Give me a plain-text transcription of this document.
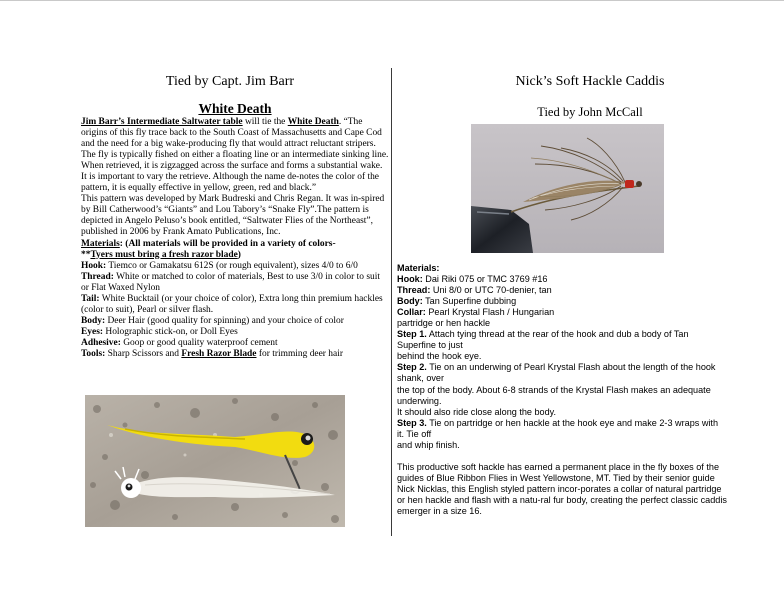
Tied by Capt. Jim Barr
White Death

Jim Barr’s Intermediate Saltwater table will tie the White Death. “The origins of this fly trace back to the South Coast of Massachusetts and Cape Cod and the need for a big wake-producing fly that would attract reluctant stripers. The fly is typically fished on either a floating line or an intermediate sinking line. When retrieved, it is zigzagged across the surface and forms a substantial wake. It is important to vary the retrieve. Although the name de-notes the color of the pattern, it is equally effective in yellow, green, red and black.”

This pattern was developed by Mark Budreski and Chris Regan. It was in-spired by Bill Catherwood’s “Giants” and Lou Tabory’s “Snake Fly”.The pattern is depicted in Angelo Peluso’s book entitled, “Saltwater Flies of the Northeast”, published in 2006 by Frank Amato Publications, Inc.

Materials: (All materials will be provided in a variety of colors-

**Tyers must bring a fresh razor blade)

Hook: Tiemco or Gamakatsu 612S (or rough equivalent), sizes 4/0 to 6/0

Thread: White or matched to color of materials, Best to use 3/0 in color to suit or Flat Waxed Nylon

Tail: White Bucktail (or your choice of color), Extra long thin premium hackles (color to suit), Pearl or silver flash.

Body: Deer Hair (good quality for spinning) and your choice of color

Eyes: Holographic stick-on, or Doll Eyes

Adhesive: Goop or good quality waterproof cement

Tools: Sharp Scissors and Fresh Razor Blade for trimming deer hair

Nick’s Soft Hackle Caddis
Tied by John McCall

Materials:

Hook: Dai Riki 075 or TMC 3769 #16

Thread: Uni 8/0 or UTC 70-denier, tan

Body: Tan Superfine dubbing

Collar: Pearl Krystal Flash / Hungarian

partridge or hen hackle

Step 1. Attach tying thread at the rear of the hook and dub a body of Tan Superfine to just

behind the hook eye.

Step 2. Tie on an underwing of Pearl Krystal Flash about the length of the hook shank, over

the top of the body. About 6-8 strands of the Krystal Flash makes an adequate underwing.
It should also ride close along the body.

Step 3. Tie on partridge or hen hackle at the hook eye and make 2-3 wraps with it. Tie off

and whip finish.

This productive soft hackle has earned a permanent place in the fly boxes of the guides of Blue Ribbon Flies in West Yellowstone, MT. Tied by their senior guide Nick Nicklas, this English styled pattern incor-porates a collar of natural partridge or hen hackle and flash with a natu-ral fur body, creating the perfect classic caddis emerger in a size 16.
